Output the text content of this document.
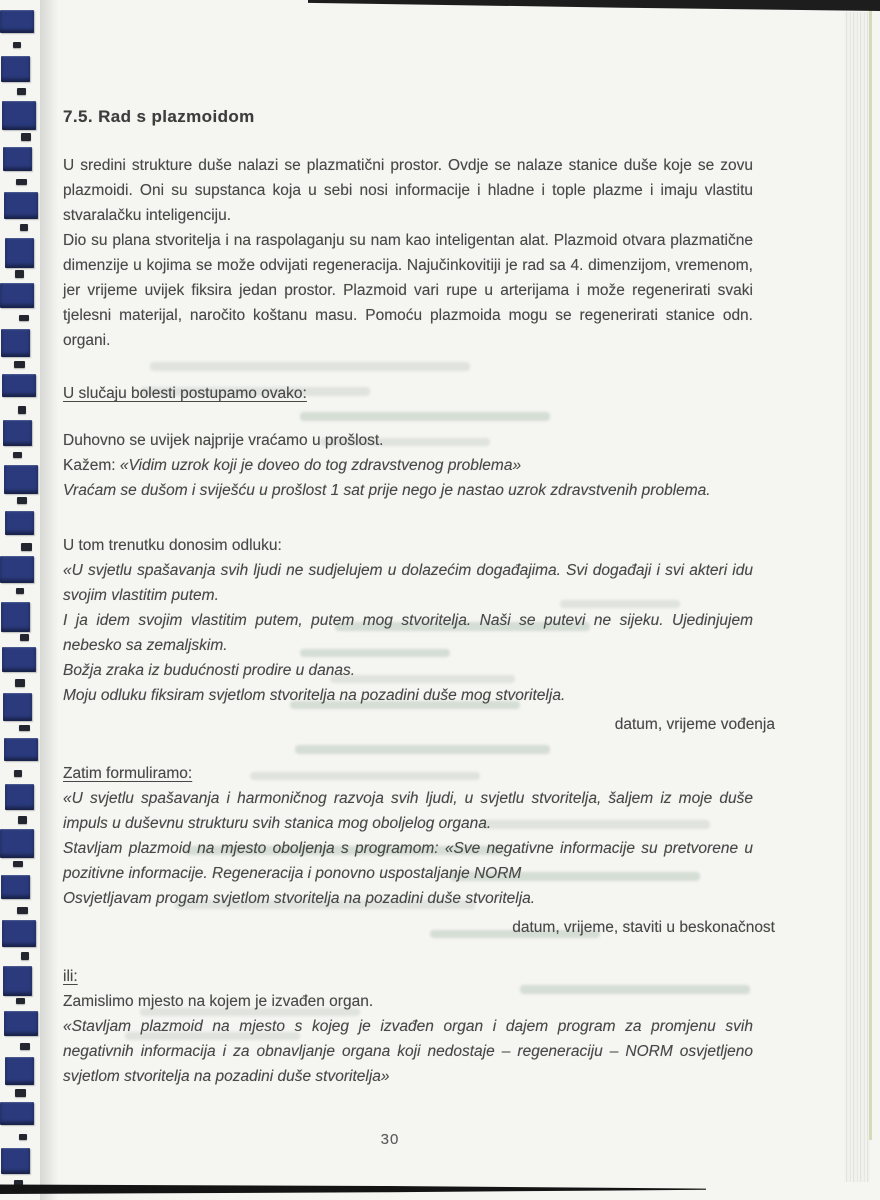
7.5. Rad s plazmoidom

U sredini strukture duše nalazi se plazmatični prostor. Ovdje se nalaze stanice duše koje se zovu plazmoidi. Oni su supstanca koja u sebi nosi informacije i hladne i tople plazme i imaju vlastitu stvaralačku inteligenciju.

Dio su plana stvoritelja i na raspolaganju su nam kao inteligentan alat. Plazmoid otvara plazmatične dimenzije u kojima se može odvijati regeneracija. Najučinkovitiji je rad sa 4. dimenzijom, vremenom, jer vrijeme uvijek fiksira jedan prostor. Plazmoid vari rupe u arterijama i može regenerirati svaki tjelesni materijal, naročito koštanu masu. Pomoću plazmoida mogu se regenerirati stanice odn. organi.

U slučaju bolesti postupamo ovako:

Duhovno se uvijek najprije vraćamo u prošlost.

Kažem: «Vidim uzrok koji je doveo do tog zdravstvenog problema»

Vraćam se dušom i sviješću u prošlost 1 sat prije nego je nastao uzrok zdravstvenih problema.

U tom trenutku donosim odluku:

«U svjetlu spašavanja svih ljudi ne sudjelujem u dolazećim događajima. Svi događaji i svi akteri idu svojim vlastitim putem.

I ja idem svojim vlastitim putem, putem mog stvoritelja. Naši se putevi ne sijeku. Ujedinjujem nebesko sa zemaljskim.

Božja zraka iz budućnosti prodire u danas.

Moju odluku fiksiram svjetlom stvoritelja na pozadini duše mog stvoritelja.

datum, vrijeme vođenja

Zatim formuliramo:

«U svjetlu spašavanja i harmoničnog razvoja svih ljudi, u svjetlu stvoritelja, šaljem iz moje duše impuls u duševnu strukturu svih stanica mog oboljelog organa.

Stavljam plazmoid na mjesto oboljenja s programom: «Sve negativne informacije su pretvorene u pozitivne informacije. Regeneracija i ponovno uspostaljanje NORM

Osvjetljavam progam svjetlom stvoritelja na pozadini duše stvoritelja.

datum, vrijeme, staviti u beskonačnost

ili:

Zamislimo mjesto na kojem je izvađen organ.

«Stavljam plazmoid na mjesto s kojeg je izvađen organ i dajem program za promjenu svih negativnih informacija i za obnavljanje organa koji nedostaje – regeneraciju – NORM osvjetljeno svjetlom stvoritelja na pozadini duše stvoritelja»

30
